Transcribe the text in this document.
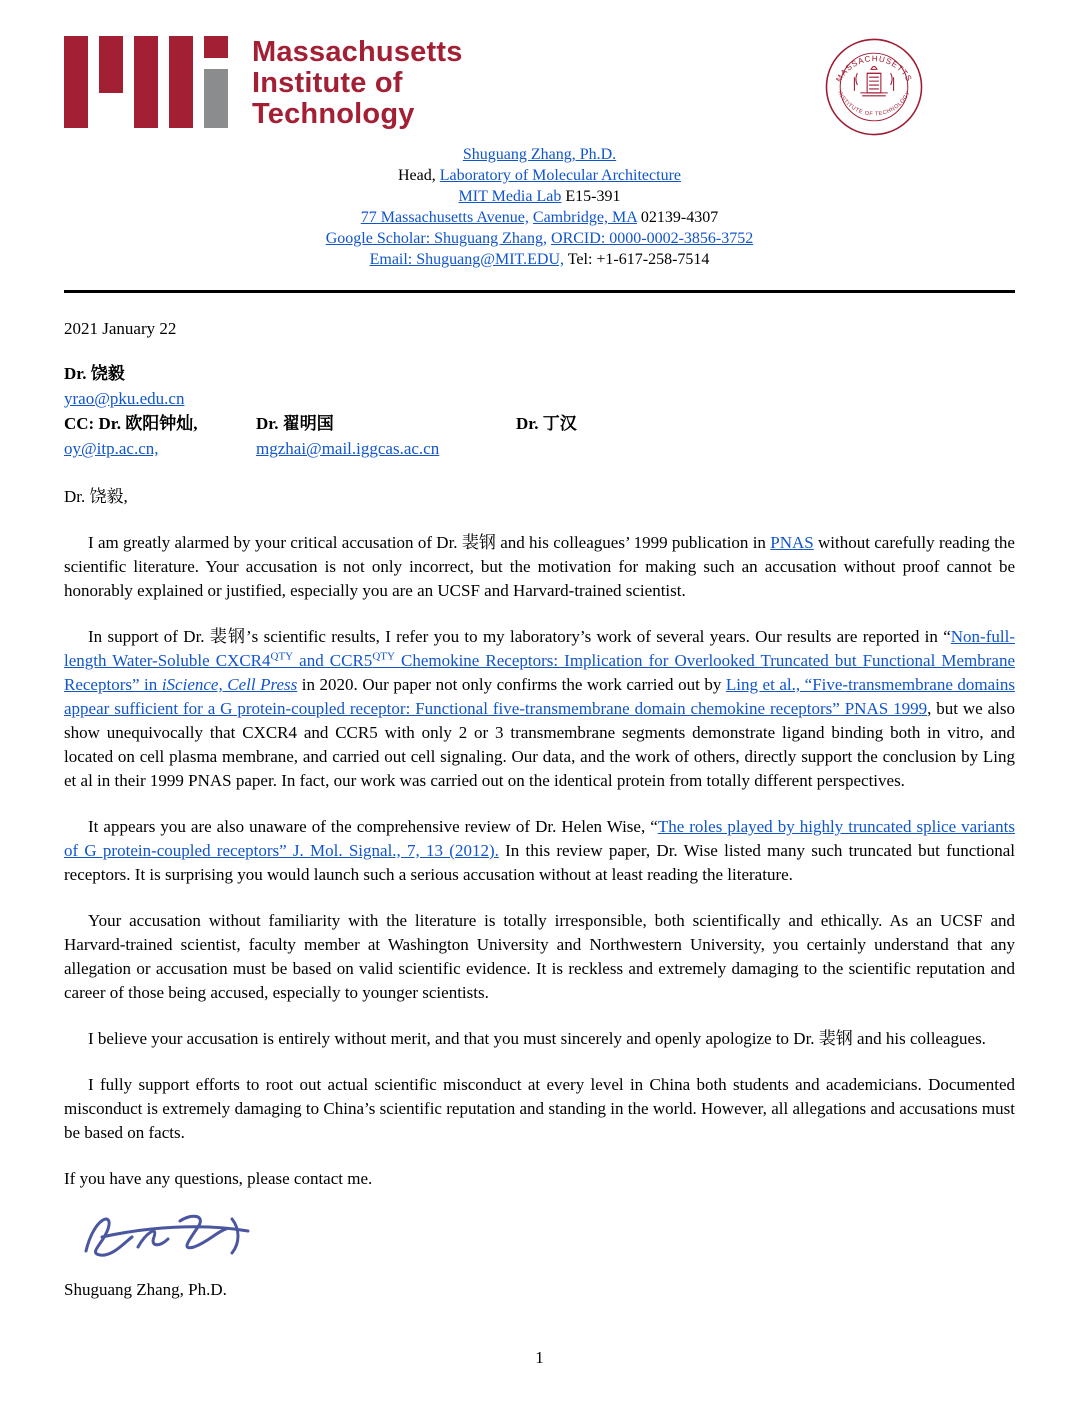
Massachusetts
Institute of
Technology
MASSACHUSETTS
INSTITUTE OF TECHNOLOGY
Shuguang Zhang, Ph.D.
Head, Laboratory of Molecular Architecture
MIT Media Lab E15-391
77 Massachusetts Avenue, Cambridge, MA 02139-4307
Google Scholar: Shuguang Zhang, ORCID: 0000-0002-3856-3752
Email: Shuguang@MIT.EDU, Tel: +1-617-258-7514

2021 January 22

Dr. 饶毅

yrao@pku.edu.cn

CC: Dr. 欧阳钟灿,	Dr. 翟明国	Dr. 丁汉
oy@itp.ac.cn,	mgzhai@mail.iggcas.ac.cn

Dr. 饶毅,

I am greatly alarmed by your critical accusation of Dr. 裴钢 and his colleagues’ 1999 publication in PNAS without carefully reading the scientific literature. Your accusation is not only incorrect, but the motivation for making such an accusation without proof cannot be honorably explained or justified, especially you are an UCSF and Harvard-trained scientist.

In support of Dr. 裴钢’s scientific results, I refer you to my laboratory’s work of several years. Our results are reported in “Non-full-length Water-Soluble $CXCR4^{QTY}$ and $CCR5^{QTY}$ Chemokine Receptors: Implication for Overlooked Truncated but Functional Membrane Receptors” in iScience, Cell Press in 2020. Our paper not only confirms the work carried out by Ling et al., “Five-transmembrane domains appear sufficient for a G protein-coupled receptor: Functional five-transmembrane domain chemokine receptors” PNAS 1999, but we also show unequivocally that CXCR4 and CCR5 with only 2 or 3 transmembrane segments demonstrate ligand binding both in vitro, and located on cell plasma membrane, and carried out cell signaling. Our data, and the work of others, directly support the conclusion by Ling et al in their 1999 PNAS paper. In fact, our work was carried out on the identical protein from totally different perspectives.

It appears you are also unaware of the comprehensive review of Dr. Helen Wise, “The roles played by highly truncated splice variants of G protein-coupled receptors” J. Mol. Signal., 7, 13 (2012). In this review paper, Dr. Wise listed many such truncated but functional receptors. It is surprising you would launch such a serious accusation without at least reading the literature.

Your accusation without familiarity with the literature is totally irresponsible, both scientifically and ethically. As an UCSF and Harvard-trained scientist, faculty member at Washington University and Northwestern University, you certainly understand that any allegation or accusation must be based on valid scientific evidence. It is reckless and extremely damaging to the scientific reputation and career of those being accused, especially to younger scientists.

I believe your accusation is entirely without merit, and that you must sincerely and openly apologize to Dr. 裴钢 and his colleagues.

I fully support efforts to root out actual scientific misconduct at every level in China both students and academicians. Documented misconduct is extremely damaging to China’s scientific reputation and standing in the world. However, all allegations and accusations must be based on facts.

If you have any questions, please contact me.

Shuguang Zhang, Ph.D.

1
